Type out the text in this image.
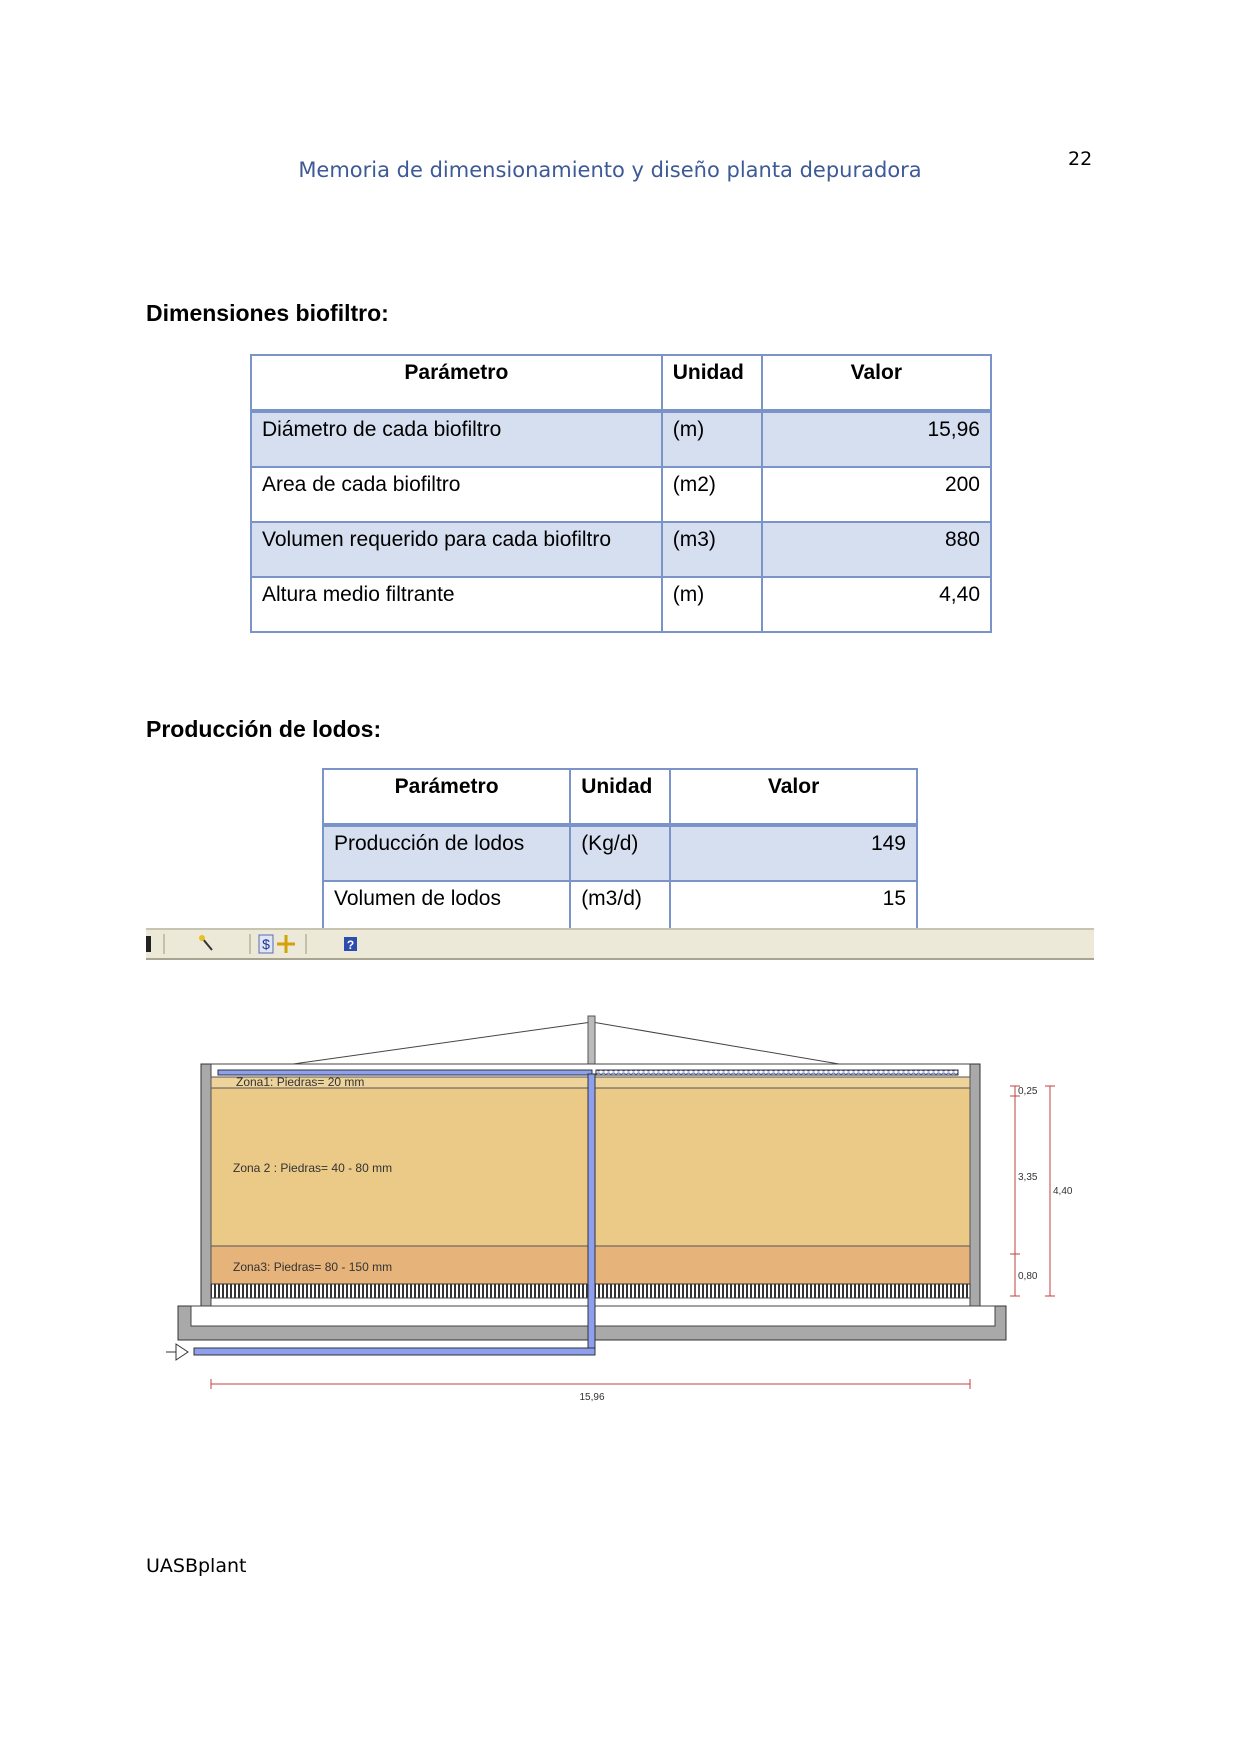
Memoria de dimensionamiento y diseño planta depuradora	22
Dimensiones biofiltro:
Parámetro	Unidad	Valor
Diámetro de cada biofiltro	(m)	15,96
Area de cada biofiltro	(m2)	200
Volumen requerido para cada biofiltro	(m3)	880
Altura medio filtrante	(m)	4,40
Producción de lodos:
Parámetro	Unidad	Valor
Producción de lodos	(Kg/d)	149
Volumen de lodos	(m3/d)	15
$	?
Zona1: Piedras= 20 mm
Zona 2 : Piedras= 40 - 80 mm
Zona3: Piedras= 80 - 150 mm
0,25
3,35
0,80
4,40
15,96
UASBplant
